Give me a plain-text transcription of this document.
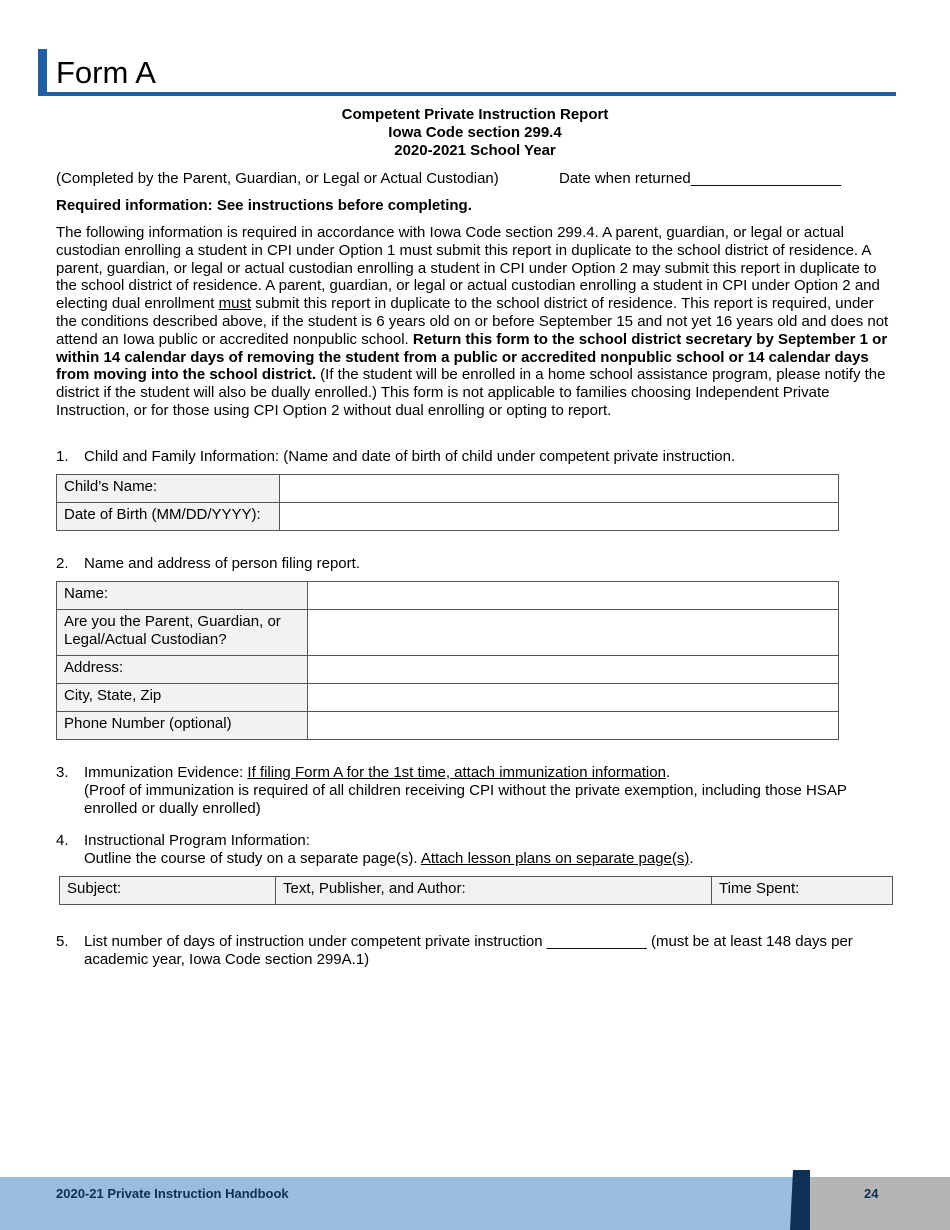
Form A
Competent Private Instruction Report
Iowa Code section 299.4
2020-2021 School Year
(Completed by the Parent, Guardian, or Legal or Actual Custodian)	Date when returned__________________
Required information: See instructions before completing.
The following information is required in accordance with Iowa Code section 299.4. A parent, guardian, or legal or actual custodian enrolling a student in CPI under Option 1 must submit this report in duplicate to the school district of residence. A parent, guardian, or legal or actual custodian enrolling a student in CPI under Option 2 may submit this report in duplicate to the school district of residence. A parent, guardian, or legal or actual custodian enrolling a student in CPI under Option 2 and electing dual enrollment must submit this report in duplicate to the school district of residence. This report is required, under the conditions described above, if the student is 6 years old on or before September 15 and not yet 16 years old and does not attend an Iowa public or accredited nonpublic school. Return this form to the school district secretary by September 1 or within 14 calendar days of removing the student from a public or accredited nonpublic school or 14 calendar days from moving into the school district. (If the student will be enrolled in a home school assistance program, please notify the district if the student will also be dually enrolled.) This form is not applicable to families choosing Independent Private Instruction, or for those using CPI Option 2 without dual enrolling or opting to report.
1. Child and Family Information: (Name and date of birth of child under competent private instruction.
Child’s Name:	
Date of Birth (MM/DD/YYYY):	
2. Name and address of person filing report.
Name:	
Are you the Parent, Guardian, or Legal/Actual Custodian?	
Address:	
City, State, Zip	
Phone Number (optional)	
3. Immunization Evidence: If filing Form A for the 1st time, attach immunization information.
(Proof of immunization is required of all children receiving CPI without the private exemption, including those HSAP enrolled or dually enrolled)
4. Instructional Program Information:
Outline the course of study on a separate page(s). Attach lesson plans on separate page(s).
Subject:	Text, Publisher, and Author:	Time Spent:
5. List number of days of instruction under competent private instruction ____________ (must be at least 148 days per academic year, Iowa Code section 299A.1)
2020-21 Private Instruction Handbook	24
